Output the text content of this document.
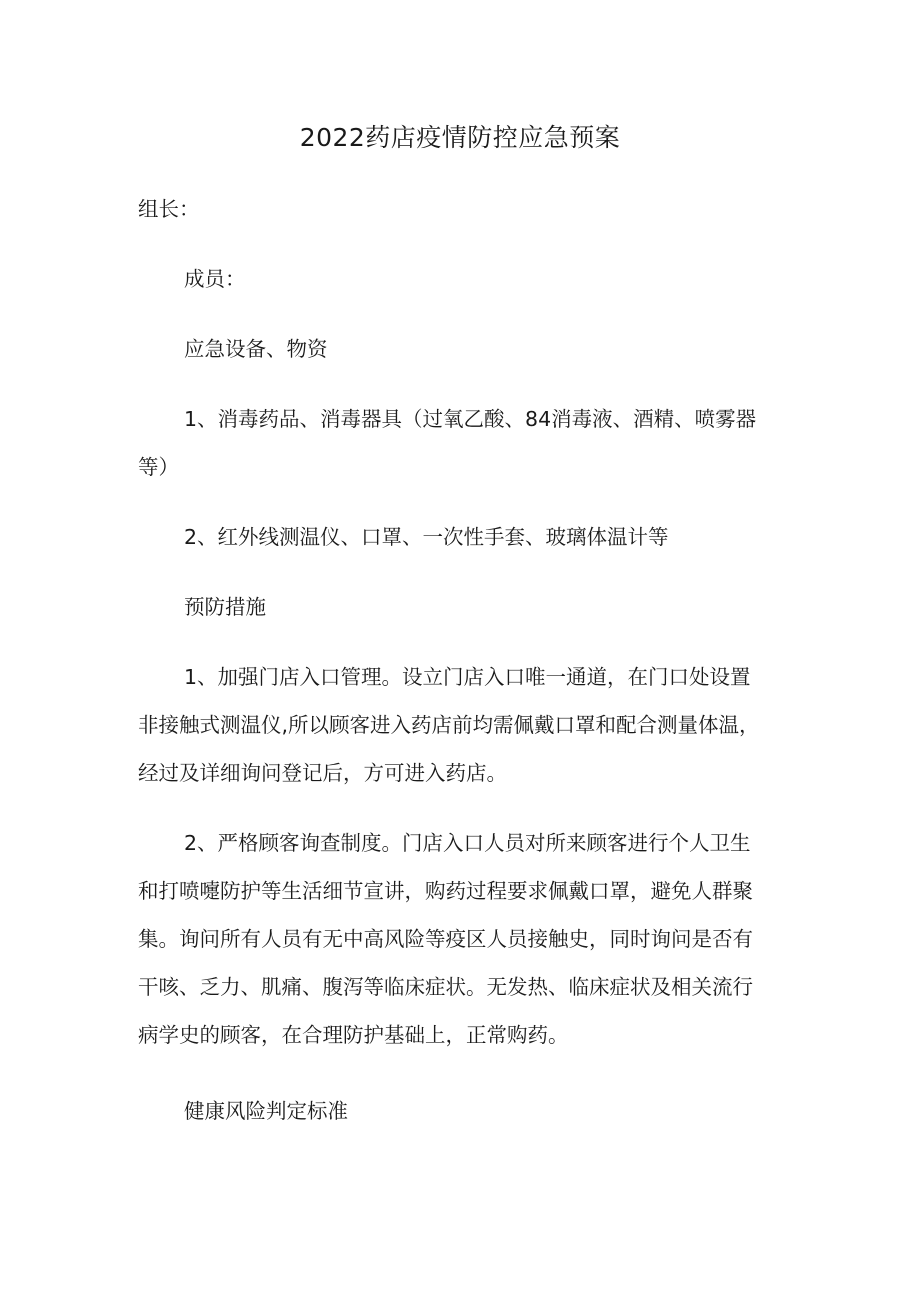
2022药店疫情防控应急预案
组长：
成员：
应急设备、物资
1、消毒药品、消毒器具（过氧乙酸、84消毒液、酒精、喷雾器
等）
2、红外线测温仪、口罩、一次性手套、玻璃体温计等
预防措施
1、加强门店入口管理。设立门店入口唯一通道，在门口处设置
非接触式测温仪,所以顾客进入药店前均需佩戴口罩和配合测量体温，
经过及详细询问登记后，方可进入药店。
2、严格顾客询查制度。门店入口人员对所来顾客进行个人卫生
和打喷嚏防护等生活细节宣讲，购药过程要求佩戴口罩，避免人群聚
集。询问所有人员有无中高风险等疫区人员接触史，同时询问是否有
干咳、乏力、肌痛、腹泻等临床症状。无发热、临床症状及相关流行
病学史的顾客，在合理防护基础上，正常购药。
健康风险判定标准
